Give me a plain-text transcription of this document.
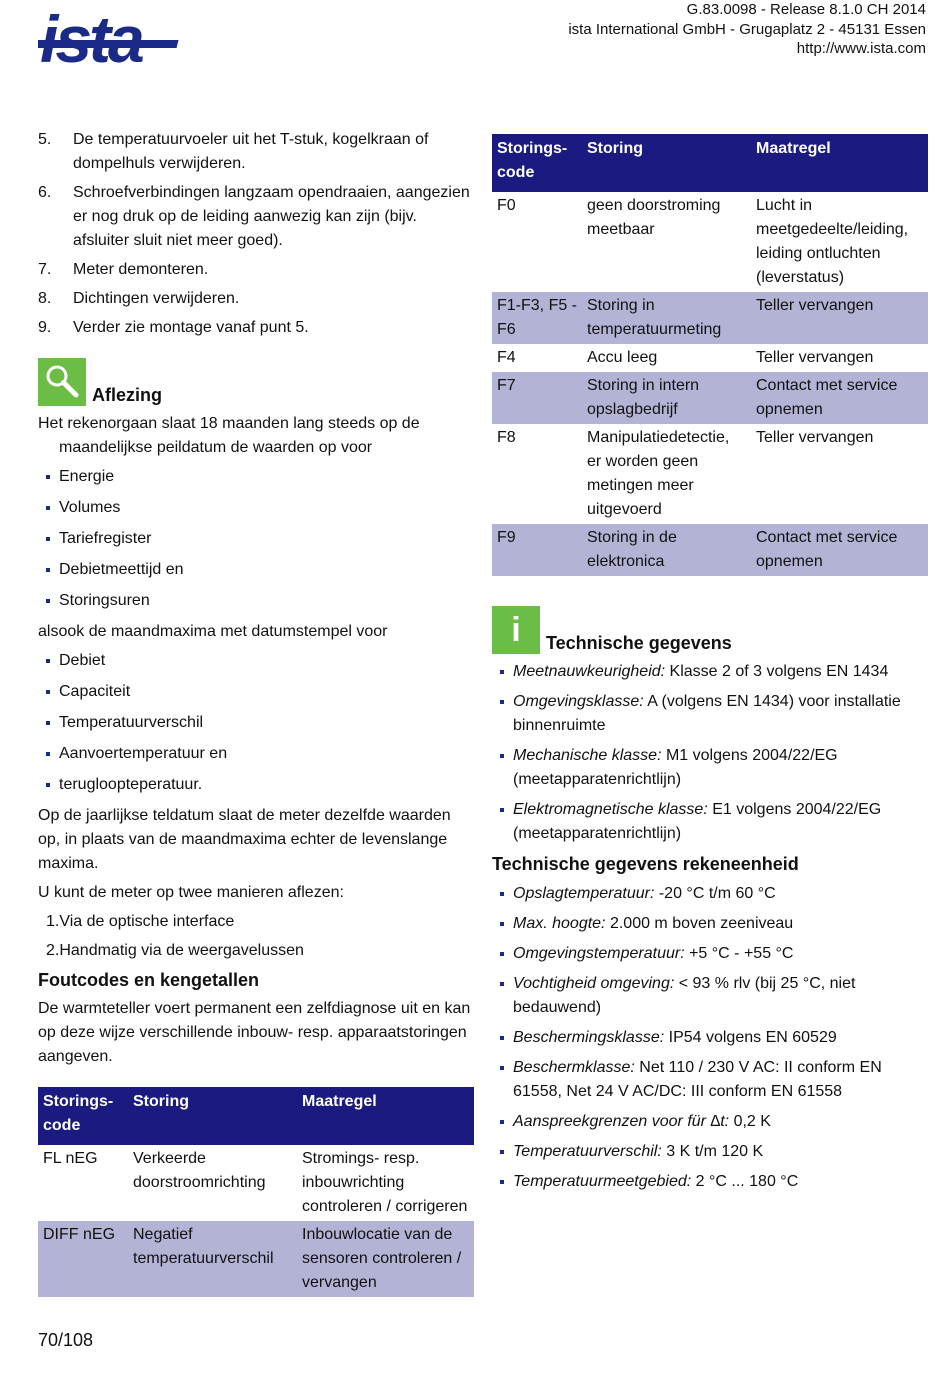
ista	G.83.0098 - Release 8.1.0 CH 2014
ista International GmbH - Grugaplatz 2 - 45131 Essen
http://www.ista.com
5. De temperatuurvoeler uit het T-stuk, kogelkraan of dompelhuls verwijderen.
6. Schroefverbindingen langzaam opendraaien, aangezien er nog druk op de leiding aanwezig kan zijn (bijv. afsluiter sluit niet meer goed).
7. Meter demonteren.
8. Dichtingen verwijderen.
9. Verder zie montage vanaf punt 5.
Aflezing

Het rekenorgaan slaat 18 maanden lang steeds op de maandelijkse peildatum de waarden op voor

Energie
Volumes
Tariefregister
Debietmeettijd en
Storingsuren

alsook de maandmaxima met datumstempel voor

Debiet
Capaciteit
Temperatuurverschil
Aanvoertemperatuur en
terugloopteperatuur.

Op de jaarlijkse teldatum slaat de meter dezelfde waarden op, in plaats van de maandmaxima echter de levenslange maxima.

U kunt de meter op twee manieren aflezen:

1.Via de optische interface
2.Handmatig via de weergavelussen
Foutcodes en kengetallen

De warmteteller voert permanent een zelfdiagnose uit en kan op deze wijze verschillende inbouw- resp. apparaatstoringen aangeven.

Storings-code	Storing	Maatregel
FL nEG	Verkeerde doorstroomrichting	Stromings- resp. inbouwrichting controleren / corrigeren
DIFF nEG	Negatief temperatuurverschil	Inbouwlocatie van de sensoren controleren / vervangen
Storings-code	Storing	Maatregel
F0	geen doorstroming meetbaar	Lucht in meetgedeelte/leiding, leiding ontluchten (leverstatus)
F1-F3, F5 - F6	Storing in temperatuurmeting	Teller vervangen
F4	Accu leeg	Teller vervangen
F7	Storing in intern opslagbedrijf	Contact met service opnemen
F8	Manipulatiedetectie, er worden geen metingen meer uitgevoerd	Teller vervangen
F9	Storing in de elektronica	Contact met service opnemen
i Technische gegevens
Meetnauwkeurigheid: Klasse 2 of 3 volgens EN 1434
Omgevingsklasse: A (volgens EN 1434) voor installatie binnenruimte
Mechanische klasse: M1 volgens 2004/22/EG (meetapparatenrichtlijn)
Elektromagnetische klasse: E1 volgens 2004/22/EG (meetapparatenrichtlijn)
Technische gegevens rekeneenheid
Opslagtemperatuur: -20 °C t/m 60 °C
Max. hoogte: 2.000 m boven zeeniveau
Omgevingstemperatuur: +5 °C - +55 °C
Vochtigheid omgeving: < 93 % rlv (bij 25 °C, niet bedauwend)
Beschermingsklasse: IP54 volgens EN 60529
Beschermklasse: Net 110 / 230 V AC: II conform EN 61558, Net 24 V AC/DC: III conform EN 61558
Aanspreekgrenzen voor für ∆t: 0,2 K
Temperatuurverschil: 3 K t/m 120 K
Temperatuurmeetgebied: 2 °C ... 180 °C
70/108
